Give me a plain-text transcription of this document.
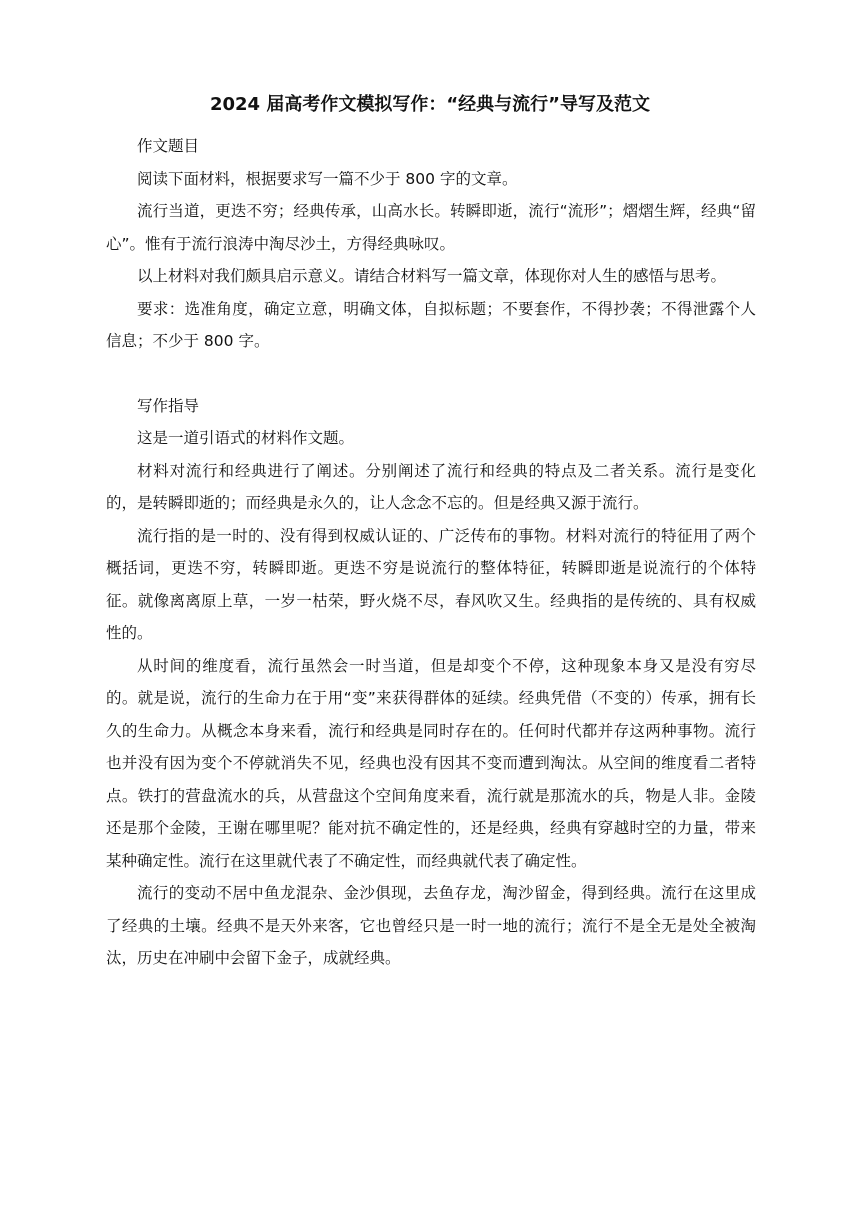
2024 届高考作文模拟写作：“经典与流行”导写及范文

作文题目

阅读下面材料，根据要求写一篇不少于 800 字的文章。

流行当道，更迭不穷；经典传承，山高水长。转瞬即逝，流行“流形”；熠熠生辉，经典“留心”。惟有于流行浪涛中淘尽沙土，方得经典咏叹。

以上材料对我们颇具启示意义。请结合材料写一篇文章，体现你对人生的感悟与思考。

要求：选准角度，确定立意，明确文体，自拟标题；不要套作，不得抄袭；不得泄露个人信息；不少于 800 字。

写作指导

这是一道引语式的材料作文题。

材料对流行和经典进行了阐述。分别阐述了流行和经典的特点及二者关系。流行是变化的，是转瞬即逝的；而经典是永久的，让人念念不忘的。但是经典又源于流行。

流行指的是一时的、没有得到权威认证的、广泛传布的事物。材料对流行的特征用了两个概括词，更迭不穷，转瞬即逝。更迭不穷是说流行的整体特征，转瞬即逝是说流行的个体特征。就像离离原上草，一岁一枯荣，野火烧不尽，春风吹又生。经典指的是传统的、具有权威性的。

从时间的维度看，流行虽然会一时当道，但是却变个不停，这种现象本身又是没有穷尽的。就是说，流行的生命力在于用“变”来获得群体的延续。经典凭借（不变的）传承，拥有长久的生命力。从概念本身来看，流行和经典是同时存在的。任何时代都并存这两种事物。流行也并没有因为变个不停就消失不见，经典也没有因其不变而遭到淘汰。从空间的维度看二者特点。铁打的营盘流水的兵，从营盘这个空间角度来看，流行就是那流水的兵，物是人非。金陵还是那个金陵，王谢在哪里呢？能对抗不确定性的，还是经典，经典有穿越时空的力量，带来某种确定性。流行在这里就代表了不确定性，而经典就代表了确定性。

流行的变动不居中鱼龙混杂、金沙俱现，去鱼存龙，淘沙留金，得到经典。流行在这里成了经典的土壤。经典不是天外来客，它也曾经只是一时一地的流行；流行不是全无是处全被淘汰，历史在冲刷中会留下金子，成就经典。
